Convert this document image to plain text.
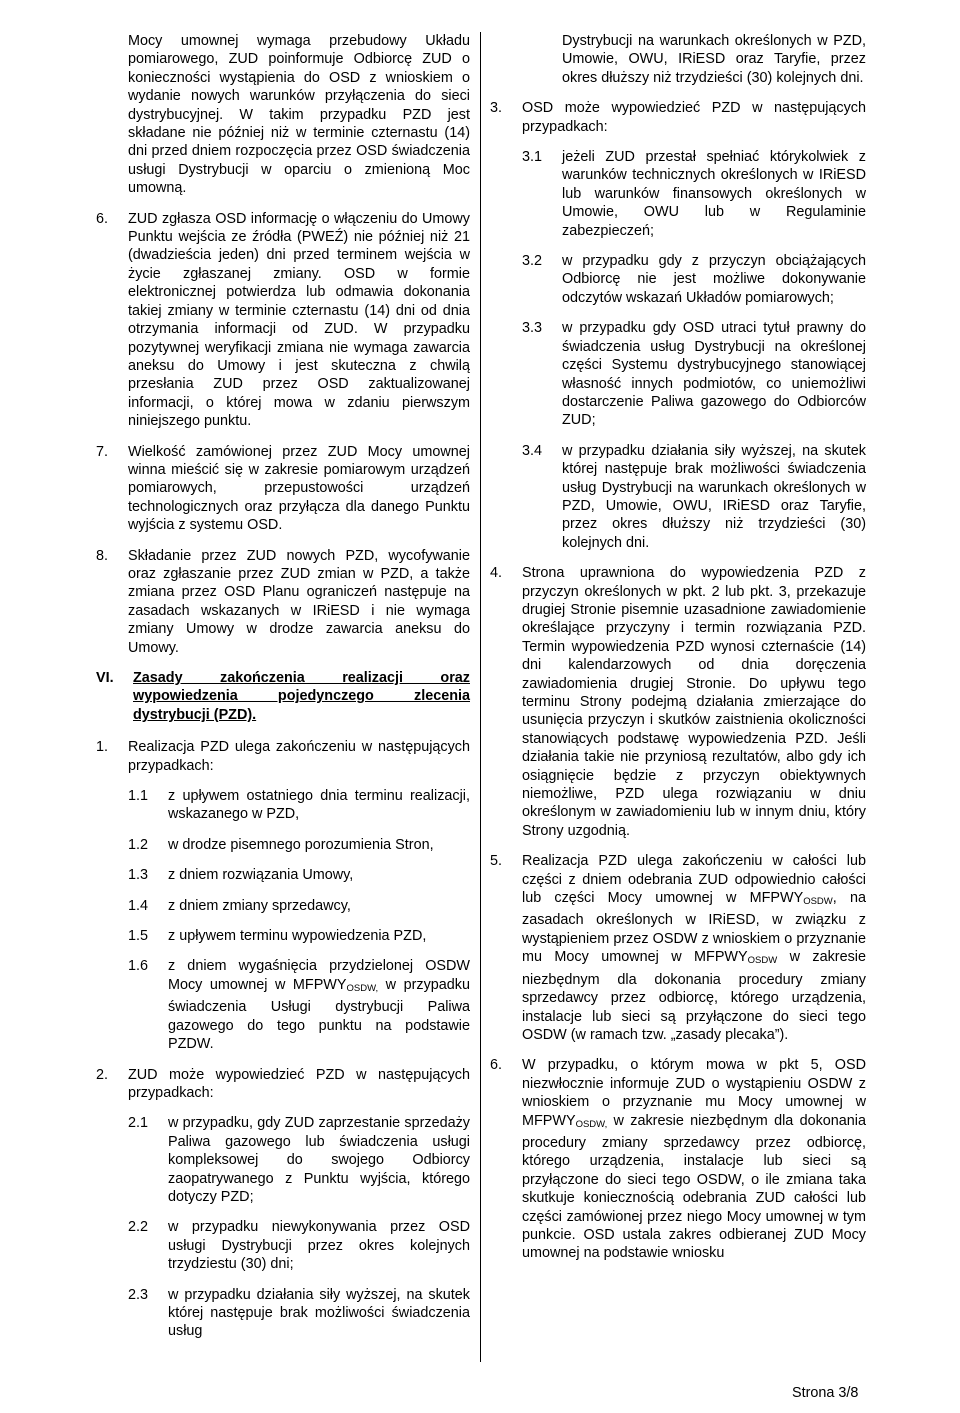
Mocy umownej wymaga przebudowy Układu pomiarowego, ZUD poinformuje Odbiorcę ZUD o konieczności wystąpienia do OSD z wnioskiem o wydanie nowych warunków przyłączenia do sieci dystrybucyjnej. W takim przypadku PZD jest składane nie później niż w terminie czternastu (14) dni przed dniem rozpoczęcia przez OSD świadczenia usługi Dystrybucji w oparciu o zmienioną Moc umowną.

6. ZUD zgłasza OSD informację o włączeniu do Umowy Punktu wejścia ze źródła (PWEŹ) nie później niż 21 (dwadzieścia jeden) dni przed terminem wejścia w życie zgłaszanej zmiany. OSD w formie elektronicznej potwierdza lub odmawia dokonania takiej zmiany w terminie czternastu (14) dni od dnia otrzymania informacji od ZUD. W przypadku pozytywnej weryfikacji zmiana nie wymaga zawarcia aneksu do Umowy i jest skuteczna z chwilą przesłania ZUD przez OSD zaktualizowanej informacji, o której mowa w zdaniu pierwszym niniejszego punktu.

7. Wielkość zamówionej przez ZUD Mocy umownej winna mieścić się w zakresie pomiarowym urządzeń pomiarowych, przepustowości urządzeń technologicznych oraz przyłącza dla danego Punktu wyjścia z systemu OSD.

8. Składanie przez ZUD nowych PZD, wycofywanie oraz zgłaszanie przez ZUD zmian w PZD, a także zmiana przez OSD Planu ograniczeń następuje na zasadach wskazanych w IRiESD i nie wymaga zmiany Umowy w drodze zawarcia aneksu do Umowy.

VI. Zasady zakończenia realizacji oraz wypowiedzenia pojedynczego zlecenia dystrybucji (PZD).

1. Realizacja PZD ulega zakończeniu w następujących przypadkach:

1.1 z upływem ostatniego dnia terminu realizacji, wskazanego w PZD,

1.2 w drodze pisemnego porozumienia Stron,

1.3 z dniem rozwiązania Umowy,

1.4 z dniem zmiany sprzedawcy,

1.5 z upływem terminu wypowiedzenia PZD,

1.6 z dniem wygaśnięcia przydzielonej OSDW Mocy umownej w $MFPWY_{OSDW,}$ w przypadku świadczenia Usługi dystrybucji Paliwa gazowego do tego punktu na podstawie PZDW.

2. ZUD może wypowiedzieć PZD w następujących przypadkach:

2.1 w przypadku, gdy ZUD zaprzestanie sprzedaży Paliwa gazowego lub świadczenia usługi kompleksowej do swojego Odbiorcy zaopatrywanego z Punktu wyjścia, którego dotyczy PZD;

2.2 w przypadku niewykonywania przez OSD usługi Dystrybucji przez okres kolejnych trzydziestu (30) dni;

2.3 w przypadku działania siły wyższej, na skutek której następuje brak możliwości świadczenia usług

Dystrybucji na warunkach określonych w PZD, Umowie, OWU, IRiESD oraz Taryfie, przez okres dłuższy niż trzydzieści (30) kolejnych dni.

3. OSD może wypowiedzieć PZD w następujących przypadkach:

3.1 jeżeli ZUD przestał spełniać którykolwiek z warunków technicznych określonych w IRiESD lub warunków finansowych określonych w Umowie, OWU lub w Regulaminie zabezpieczeń;

3.2 w przypadku gdy z przyczyn obciążających Odbiorcę nie jest możliwe dokonywanie odczytów wskazań Układów pomiarowych;

3.3 w przypadku gdy OSD utraci tytuł prawny do świadczenia usług Dystrybucji na określonej części Systemu dystrybucyjnego stanowiącej własność innych podmiotów, co uniemożliwi dostarczenie Paliwa gazowego do Odbiorców ZUD;

3.4 w przypadku działania siły wyższej, na skutek której następuje brak możliwości świadczenia usług Dystrybucji na warunkach określonych w PZD, Umowie, OWU, IRiESD oraz Taryfie, przez okres dłuższy niż trzydzieści (30) kolejnych dni.

4. Strona uprawniona do wypowiedzenia PZD z przyczyn określonych w pkt. 2 lub pkt. 3, przekazuje drugiej Stronie pisemnie uzasadnione zawiadomienie określające przyczyny i termin rozwiązania PZD. Termin wypowiedzenia PZD wynosi czternaście (14) dni kalendarzowych od dnia doręczenia zawiadomienia drugiej Stronie. Do upływu tego terminu Strony podejmą działania zmierzające do usunięcia przyczyn i skutków zaistnienia okoliczności stanowiących podstawę wypowiedzenia PZD. Jeśli działania takie nie przyniosą rezultatów, albo gdy ich osiągnięcie będzie z przyczyn obiektywnych niemożliwe, PZD ulega rozwiązaniu w dniu określonym w zawiadomieniu lub w innym dniu, który Strony uzgodnią.

5. Realizacja PZD ulega zakończeniu w całości lub części z dniem odebrania ZUD odpowiednio całości lub części Mocy umownej w $MFPWY_{OSDW}$, na zasadach określonych w IRiESD, w związku z wystąpieniem przez OSDW z wnioskiem o przyznanie mu Mocy umownej w $MFPWY_{OSDW}$ w zakresie niezbędnym dla dokonania procedury zmiany sprzedawcy przez odbiorcę, którego urządzenia, instalacje lub sieci są przyłączone do sieci tego OSDW (w ramach tzw. „zasady plecaka”).

6. W przypadku, o którym mowa w pkt 5, OSD niezwłocznie informuje ZUD o wystąpieniu OSDW z wnioskiem o przyznanie mu Mocy umownej w $MFPWY_{OSDW,}$ w zakresie niezbędnym dla dokonania procedury zmiany sprzedawcy przez odbiorcę, którego urządzenia, instalacje lub sieci są przyłączone do sieci tego OSDW, o ile zmiana taka skutkuje koniecznością odebrania ZUD całości lub części zamówionej przez niego Mocy umownej w tym punkcie. OSD ustala zakres odbieranej ZUD Mocy umownej na podstawie wniosku

Strona 3/8
